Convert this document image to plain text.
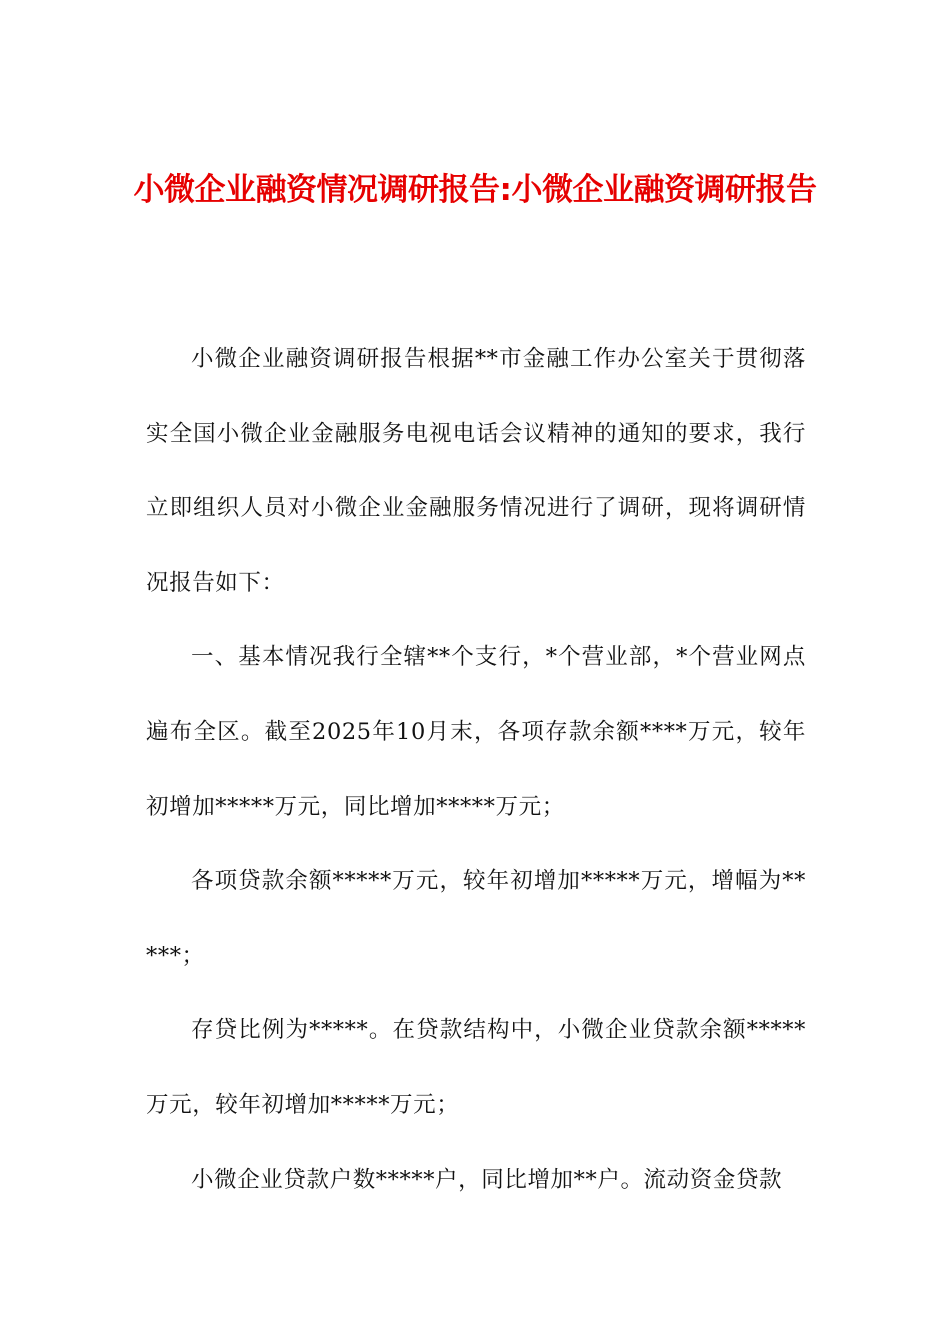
小微企业融资情况调研报告:小微企业融资调研报告

小微企业融资调研报告根据**市金融工作办公室关于贯彻落实全国小微企业金融服务电视电话会议精神的通知的要求，我行立即组织人员对小微企业金融服务情况进行了调研，现将调研情况报告如下：

一、基本情况我行全辖**个支行，*个营业部，*个营业网点遍布全区。截至2025年10月末，各项存款余额****万元，较年初增加*****万元，同比增加*****万元；

各项贷款余额*****万元，较年初增加*****万元，增幅为*****；

存贷比例为*****。在贷款结构中，小微企业贷款余额*****万元，较年初增加*****万元；

小微企业贷款户数*****户，同比增加**户。流动资金贷款
